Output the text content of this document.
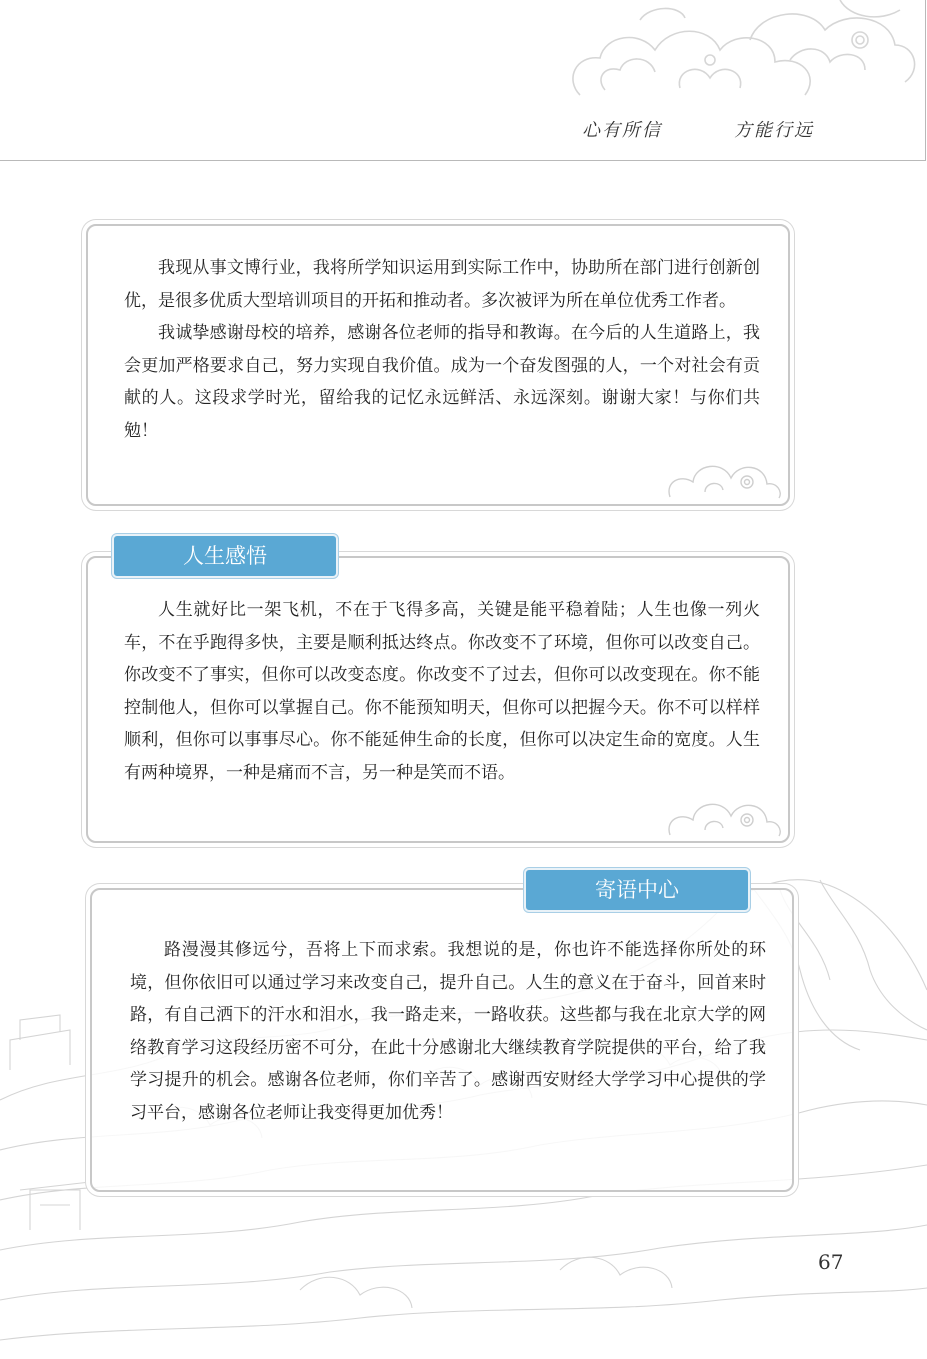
心有所信	方能行远

我现从事文博行业，我将所学知识运用到实际工作中，协助所在部门进行创新创优，是很多优质大型培训项目的开拓和推动者。多次被评为所在单位优秀工作者。

我诚挚感谢母校的培养，感谢各位老师的指导和教诲。在今后的人生道路上，我会更加严格要求自己，努力实现自我价值。成为一个奋发图强的人，一个对社会有贡献的人。这段求学时光，留给我的记忆永远鲜活、永远深刻。谢谢大家！与你们共勉！

人生感悟

人生就好比一架飞机，不在于飞得多高，关键是能平稳着陆；人生也像一列火车，不在乎跑得多快，主要是顺利抵达终点。你改变不了环境，但你可以改变自己。你改变不了事实，但你可以改变态度。你改变不了过去，但你可以改变现在。你不能控制他人，但你可以掌握自己。你不能预知明天，但你可以把握今天。你不可以样样顺利，但你可以事事尽心。你不能延伸生命的长度，但你可以决定生命的宽度。人生有两种境界，一种是痛而不言，另一种是笑而不语。

寄语中心

路漫漫其修远兮，吾将上下而求索。我想说的是，你也许不能选择你所处的环境，但你依旧可以通过学习来改变自己，提升自己。人生的意义在于奋斗，回首来时路，有自己洒下的汗水和泪水，我一路走来，一路收获。这些都与我在北京大学的网络教育学习这段经历密不可分，在此十分感谢北大继续教育学院提供的平台，给了我学习提升的机会。感谢各位老师，你们辛苦了。感谢西安财经大学学习中心提供的学习平台，感谢各位老师让我变得更加优秀！

67
